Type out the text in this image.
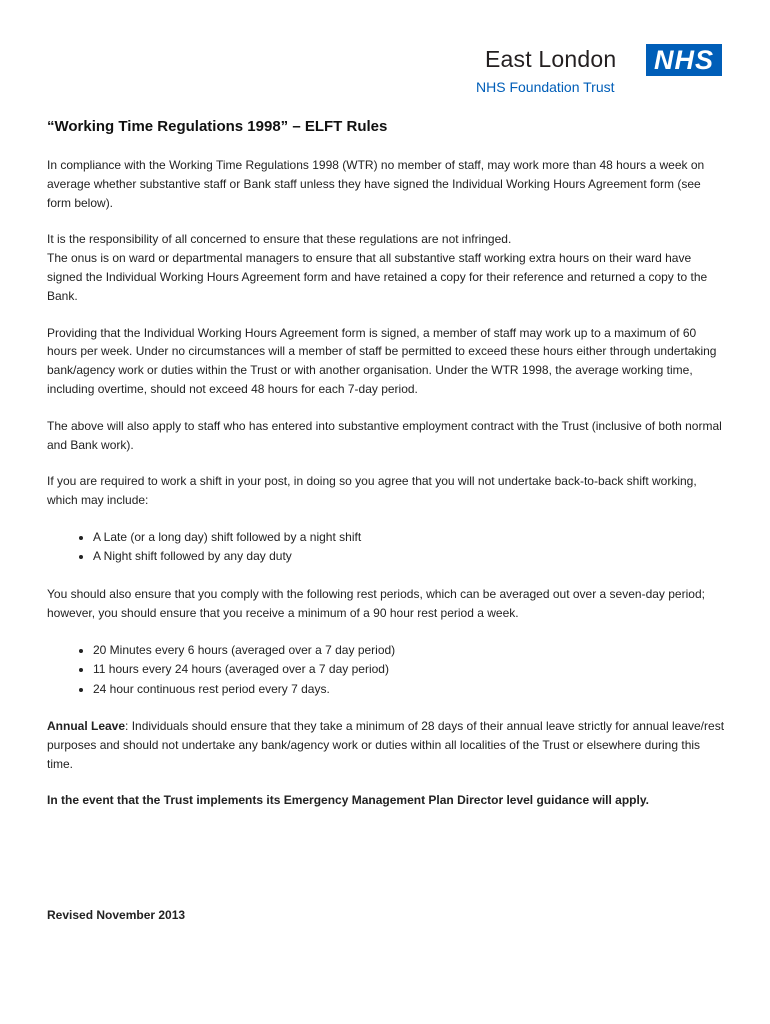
East London NHS
NHS Foundation Trust
“Working Time Regulations 1998” – ELFT Rules

In compliance with the Working Time Regulations 1998 (WTR) no member of staff, may work more than 48 hours a week on average whether substantive staff or Bank staff unless they have signed the Individual Working Hours Agreement form (see form below).

It is the responsibility of all concerned to ensure that these regulations are not infringed.

The onus is on ward or departmental managers to ensure that all substantive staff working extra hours on their ward have signed the Individual Working Hours Agreement form and have retained a copy for their reference and returned a copy to the Bank.

Providing that the Individual Working Hours Agreement form is signed, a member of staff may work up to a maximum of 60 hours per week. Under no circumstances will a member of staff be permitted to exceed these hours either through undertaking bank/agency work or duties within the Trust or with another organisation. Under the WTR 1998, the average working time, including overtime, should not exceed 48 hours for each 7-day period.

The above will also apply to staff who has entered into substantive employment contract with the Trust (inclusive of both normal and Bank work).

If you are required to work a shift in your post, in doing so you agree that you will not undertake back-to-back shift working, which may include:

• A Late (or a long day) shift followed by a night shift
• A Night shift followed by any day duty

You should also ensure that you comply with the following rest periods, which can be averaged out over a seven-day period; however, you should ensure that you receive a minimum of a 90 hour rest period a week.

• 20 Minutes every 6 hours (averaged over a 7 day period)
• 11 hours every 24 hours (averaged over a 7 day period)
• 24 hour continuous rest period every 7 days.

Annual Leave: Individuals should ensure that they take a minimum of 28 days of their annual leave strictly for annual leave/rest purposes and should not undertake any bank/agency work or duties within all localities of the Trust or elsewhere during this time.

In the event that the Trust implements its Emergency Management Plan Director level guidance will apply.

Revised November 2013
